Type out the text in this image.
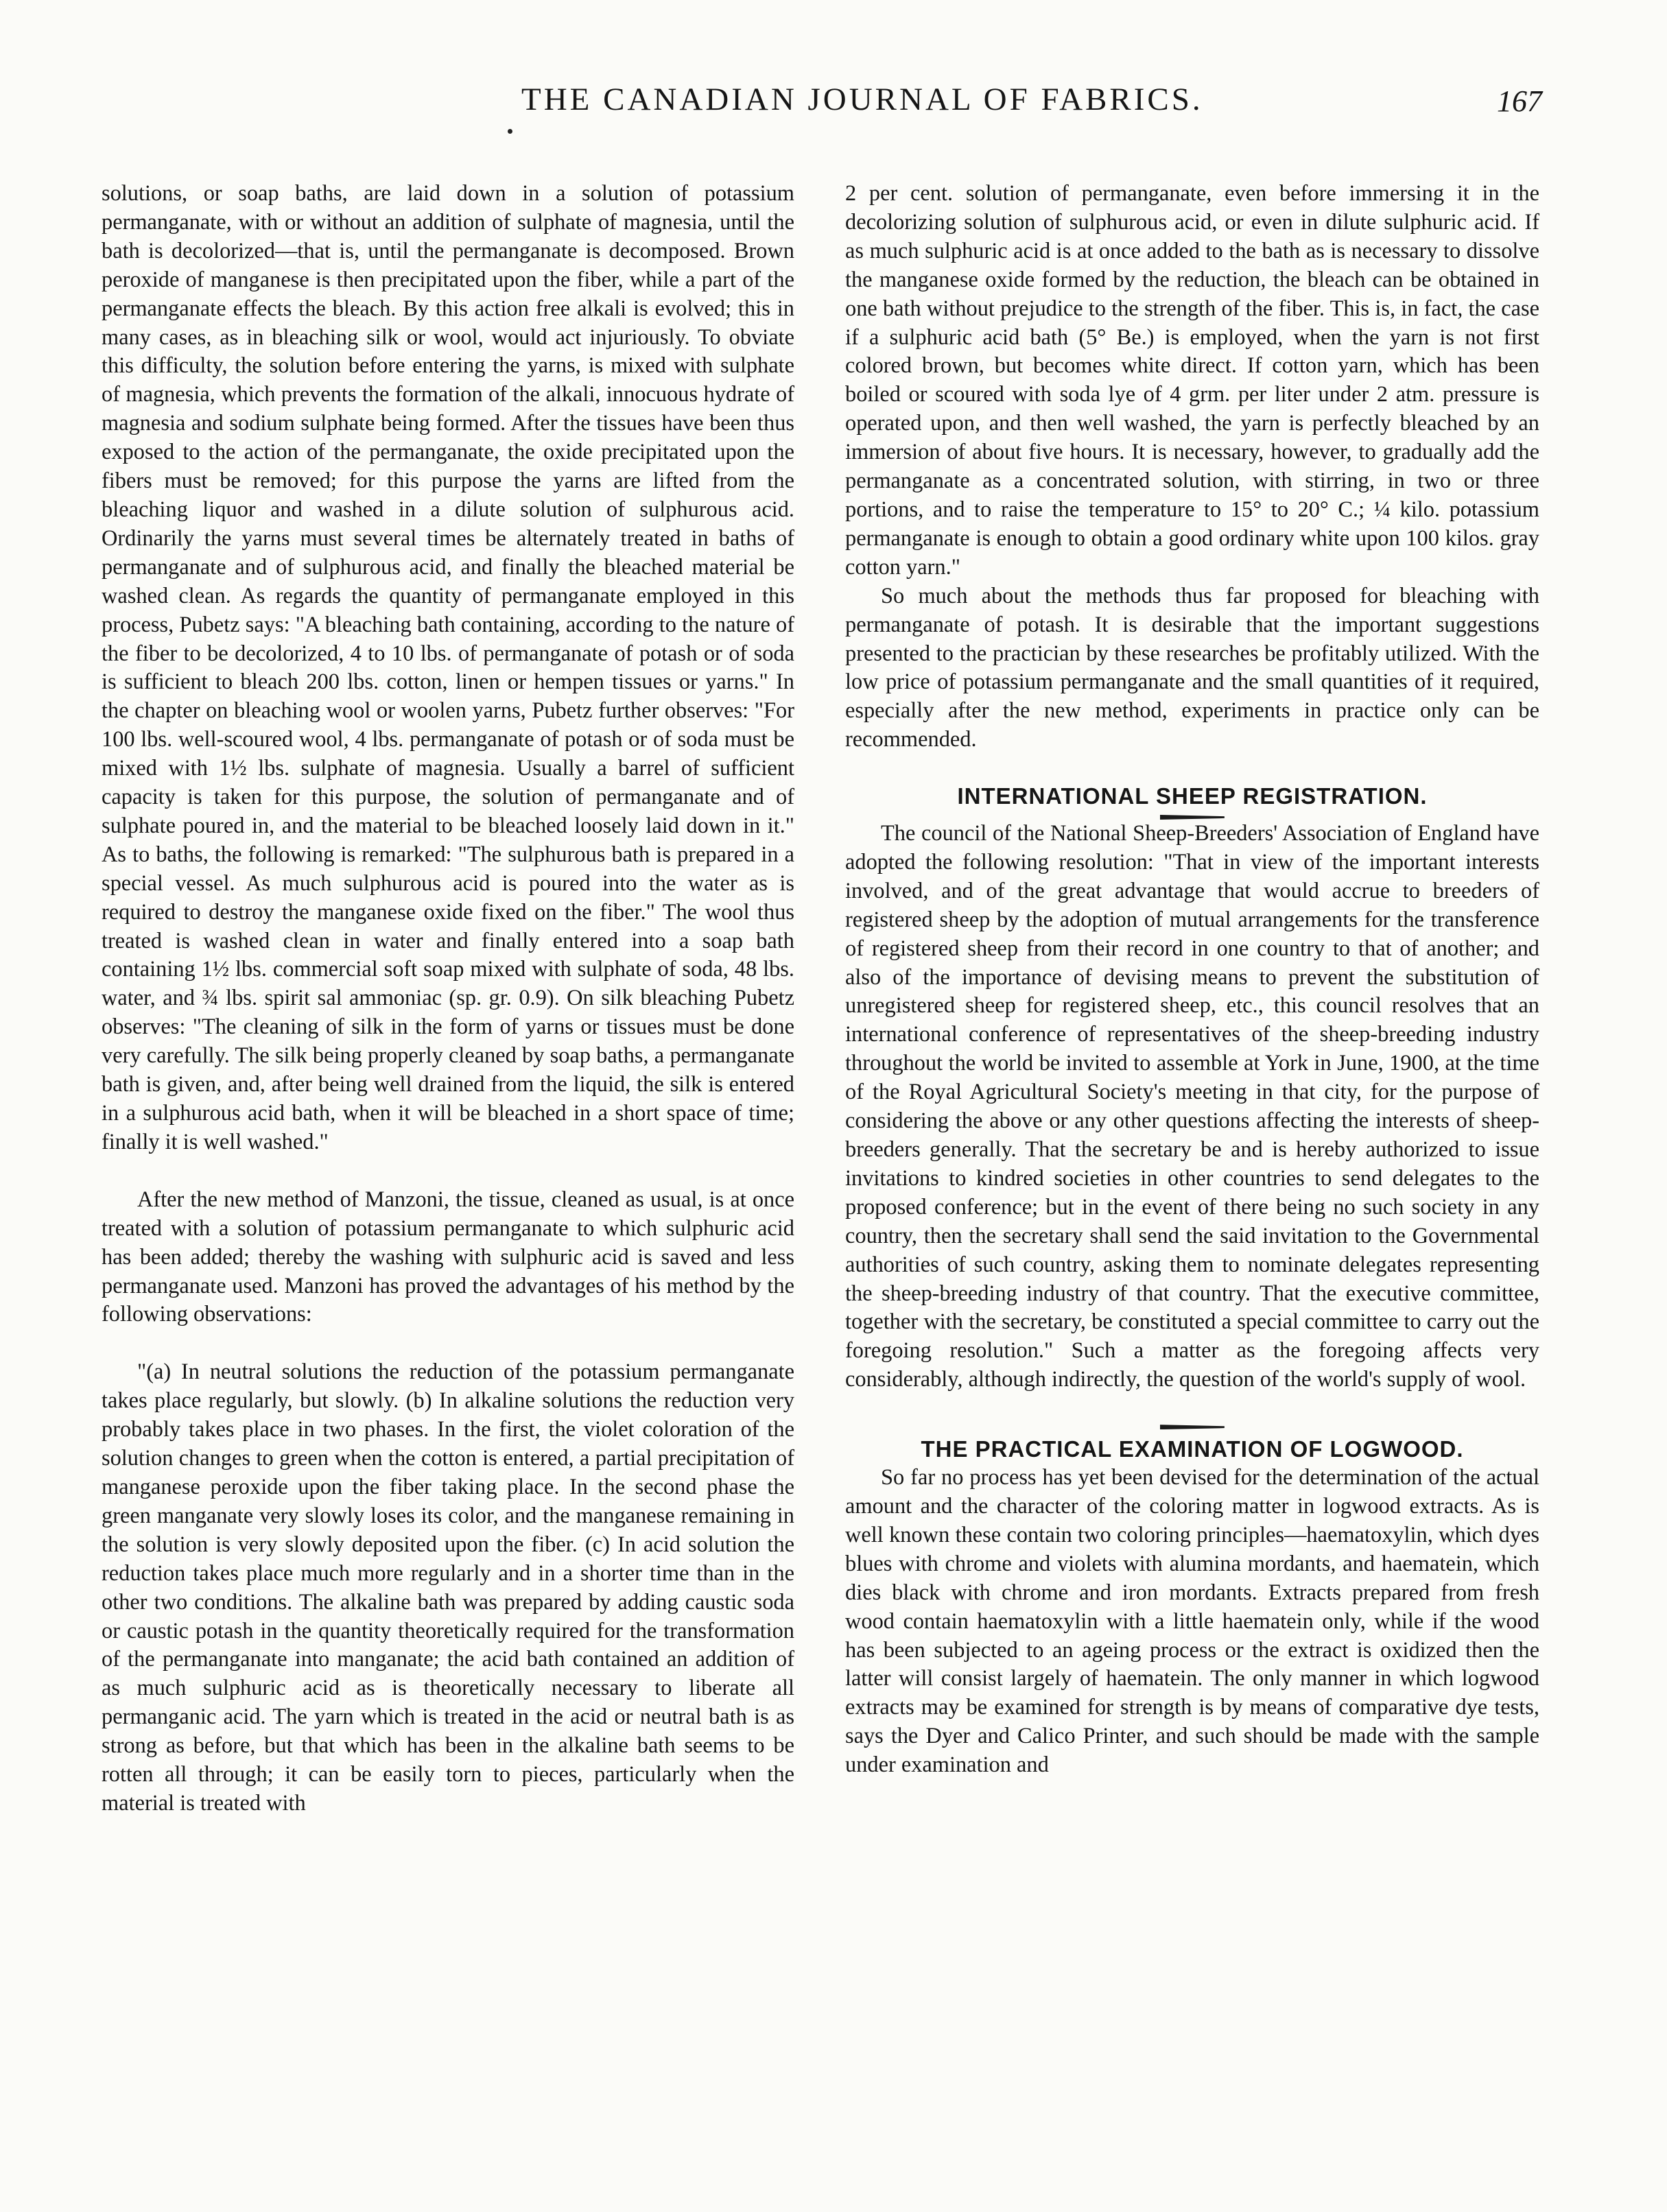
THE CANADIAN JOURNAL OF FABRICS.	167

solutions, or soap baths, are laid down in a solution of potassium permanganate, with or without an addition of sulphate of magnesia, until the bath is decolorized—that is, until the permanganate is decomposed. Brown peroxide of manganese is then precipitated upon the fiber, while a part of the permanganate effects the bleach. By this action free alkali is evolved; this in many cases, as in bleaching silk or wool, would act injuriously. To obviate this difficulty, the solution before entering the yarns, is mixed with sulphate of magnesia, which prevents the formation of the alkali, innocuous hydrate of magnesia and sodium sulphate being formed. After the tissues have been thus exposed to the action of the permanganate, the oxide precipitated upon the fibers must be removed; for this purpose the yarns are lifted from the bleaching liquor and washed in a dilute solution of sulphurous acid. Ordinarily the yarns must several times be alternately treated in baths of permanganate and of sulphurous acid, and finally the bleached material be washed clean. As regards the quantity of permanganate employed in this process, Pubetz says: "A bleaching bath containing, according to the nature of the fiber to be decolorized, 4 to 10 lbs. of permanganate of potash or of soda is sufficient to bleach 200 lbs. cotton, linen or hempen tissues or yarns." In the chapter on bleaching wool or woolen yarns, Pubetz further observes: "For 100 lbs. well-scoured wool, 4 lbs. permanganate of potash or of soda must be mixed with 1½ lbs. sulphate of magnesia. Usually a barrel of sufficient capacity is taken for this purpose, the solution of permanganate and of sulphate poured in, and the material to be bleached loosely laid down in it." As to baths, the following is remarked: "The sulphurous bath is prepared in a special vessel. As much sulphurous acid is poured into the water as is required to destroy the manganese oxide fixed on the fiber." The wool thus treated is washed clean in water and finally entered into a soap bath containing 1½ lbs. commercial soft soap mixed with sulphate of soda, 48 lbs. water, and ¾ lbs. spirit sal ammoniac (sp. gr. 0.9). On silk bleaching Pubetz observes: "The cleaning of silk in the form of yarns or tissues must be done very carefully. The silk being properly cleaned by soap baths, a permanganate bath is given, and, after being well drained from the liquid, the silk is entered in a sulphurous acid bath, when it will be bleached in a short space of time; finally it is well washed."

After the new method of Manzoni, the tissue, cleaned as usual, is at once treated with a solution of potassium permanganate to which sulphuric acid has been added; thereby the washing with sulphuric acid is saved and less permanganate used. Manzoni has proved the advantages of his method by the following observations:

"(a) In neutral solutions the reduction of the potassium permanganate takes place regularly, but slowly. (b) In alkaline solutions the reduction very probably takes place in two phases. In the first, the violet coloration of the solution changes to green when the cotton is entered, a partial precipitation of manganese peroxide upon the fiber taking place. In the second phase the green manganate very slowly loses its color, and the manganese remaining in the solution is very slowly deposited upon the fiber. (c) In acid solution the reduction takes place much more regularly and in a shorter time than in the other two conditions. The alkaline bath was prepared by adding caustic soda or caustic potash in the quantity theoretically required for the transformation of the permanganate into manganate; the acid bath contained an addition of as much sulphuric acid as is theoretically necessary to liberate all permanganic acid. The yarn which is treated in the acid or neutral bath is as strong as before, but that which has been in the alkaline bath seems to be rotten all through; it can be easily torn to pieces, particularly when the material is treated with

2 per cent. solution of permanganate, even before immersing it in the decolorizing solution of sulphurous acid, or even in dilute sulphuric acid. If as much sulphuric acid is at once added to the bath as is necessary to dissolve the manganese oxide formed by the reduction, the bleach can be obtained in one bath without prejudice to the strength of the fiber. This is, in fact, the case if a sulphuric acid bath (5° Be.) is employed, when the yarn is not first colored brown, but becomes white direct. If cotton yarn, which has been boiled or scoured with soda lye of 4 grm. per liter under 2 atm. pressure is operated upon, and then well washed, the yarn is perfectly bleached by an immersion of about five hours. It is necessary, however, to gradually add the permanganate as a concentrated solution, with stirring, in two or three portions, and to raise the temperature to 15° to 20° C.; ¼ kilo. potassium permanganate is enough to obtain a good ordinary white upon 100 kilos. gray cotton yarn."

So much about the methods thus far proposed for bleaching with permanganate of potash. It is desirable that the important suggestions presented to the practician by these researches be profitably utilized. With the low price of potassium permanganate and the small quantities of it required, especially after the new method, experiments in practice only can be recommended.

INTERNATIONAL SHEEP REGISTRATION.

The council of the National Sheep-Breeders' Association of England have adopted the following resolution: "That in view of the important interests involved, and of the great advantage that would accrue to breeders of registered sheep by the adoption of mutual arrangements for the transference of registered sheep from their record in one country to that of another; and also of the importance of devising means to prevent the substitution of unregistered sheep for registered sheep, etc., this council resolves that an international conference of representatives of the sheep-breeding industry throughout the world be invited to assemble at York in June, 1900, at the time of the Royal Agricultural Society's meeting in that city, for the purpose of considering the above or any other questions affecting the interests of sheep-breeders generally. That the secretary be and is hereby authorized to issue invitations to kindred societies in other countries to send delegates to the proposed conference; but in the event of there being no such society in any country, then the secretary shall send the said invitation to the Governmental authorities of such country, asking them to nominate delegates representing the sheep-breeding industry of that country. That the executive committee, together with the secretary, be constituted a special committee to carry out the foregoing resolution." Such a matter as the foregoing affects very considerably, although indirectly, the question of the world's supply of wool.

THE PRACTICAL EXAMINATION OF LOGWOOD.

So far no process has yet been devised for the determination of the actual amount and the character of the coloring matter in logwood extracts. As is well known these contain two coloring principles—haematoxylin, which dyes blues with chrome and violets with alumina mordants, and haematein, which dies black with chrome and iron mordants. Extracts prepared from fresh wood contain haematoxylin with a little haematein only, while if the wood has been subjected to an ageing process or the extract is oxidized then the latter will consist largely of haematein. The only manner in which logwood extracts may be examined for strength is by means of comparative dye tests, says the Dyer and Calico Printer, and such should be made with the sample under examination and
